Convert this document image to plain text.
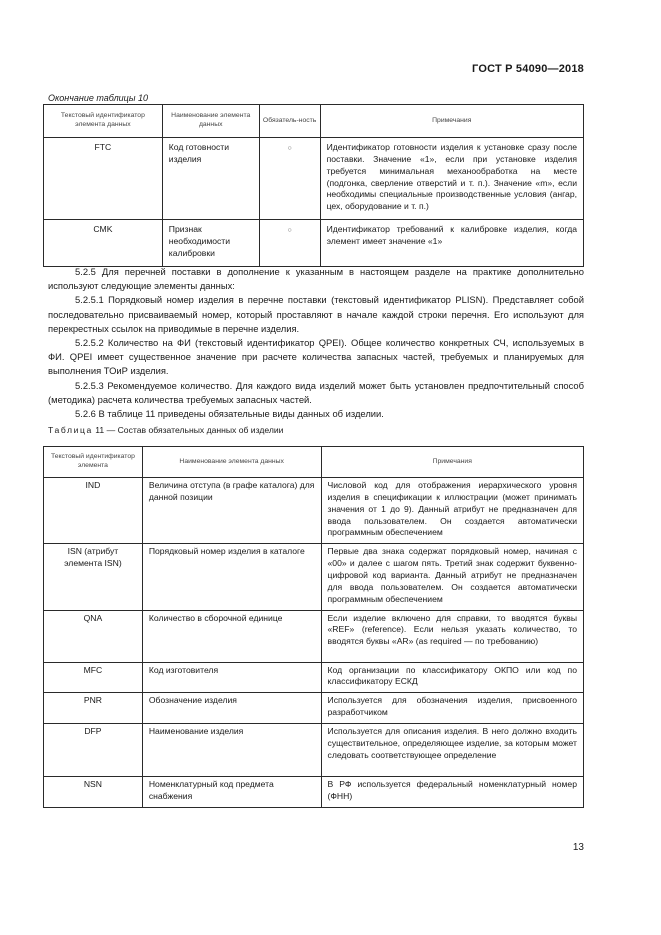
ГОСТ Р 54090—2018
Окончание таблицы 10
Текстовый идентификатор элемента данных	Наименование элемента данных	Обязатель-ность	Примечания
FTC	Код готовности изделия	○	Идентификатор готовности изделия к установке сразу после поставки. Значение «1», если при установке изделия требуется минимальная механообработка на месте (подгонка, сверление отверстий и т. п.). Значение «m», если необходимы специальные производственные условия (ангар, цех, оборудование и т. п.)
CMK	Признак необходимости калибровки	○	Идентификатор требований к калибровке изделия, когда элемент имеет значение «1»

5.2.5 Для перечней поставки в дополнение к указанным в настоящем разделе на практике дополнительно используют следующие элементы данных:

5.2.5.1 Порядковый номер изделия в перечне поставки (текстовый идентификатор PLISN). Представляет собой последовательно присваиваемый номер, который проставляют в начале каждой строки перечня. Его используют для перекрестных ссылок на приводимые в перечне изделия.

5.2.5.2 Количество на ФИ (текстовый идентификатор QPEI). Общее количество конкретных СЧ, используемых в ФИ. QPEI имеет существенное значение при расчете количества запасных частей, требуемых и планируемых для выполнения ТОиР изделия.

5.2.5.3 Рекомендуемое количество. Для каждого вида изделий может быть установлен предпочтительный способ (методика) расчета количества требуемых запасных частей.

5.2.6 В таблице 11 приведены обязательные виды данных об изделии.

Таблица 11 — Состав обязательных данных об изделии
Текстовый идентификатор элемента	Наименование элемента данных	Примечания
IND	Величина отступа (в графе каталога) для данной позиции	Числовой код для отображения иерархического уровня изделия в спецификации к иллюстрации (может принимать значения от 1 до 9). Данный атрибут не предназначен для ввода пользователем. Он создается автоматически программным обеспечением
ISN (атрибут элемента ISN)	Порядковый номер изделия в каталоге	Первые два знака содержат порядковый номер, начиная с «00» и далее с шагом пять. Третий знак содержит буквенно-цифровой код варианта. Данный атрибут не предназначен для ввода пользователем. Он создается автоматически программным обеспечением
QNA	Количество в сборочной единице	Если изделие включено для справки, то вводятся буквы «REF» (reference). Если нельзя указать количество, то вводятся буквы «AR» (as required — по требованию)
MFC	Код изготовителя	Код организации по классификатору ОКПО или код по классификатору ЕСКД
PNR	Обозначение изделия	Используется для обозначения изделия, присвоенного разработчиком
DFP	Наименование изделия	Используется для описания изделия. В него должно входить существительное, определяющее изделие, за которым может следовать соответствующее определение
NSN	Номенклатурный код предмета снабжения	В РФ используется федеральный номенклатурный номер (ФНН)
13
